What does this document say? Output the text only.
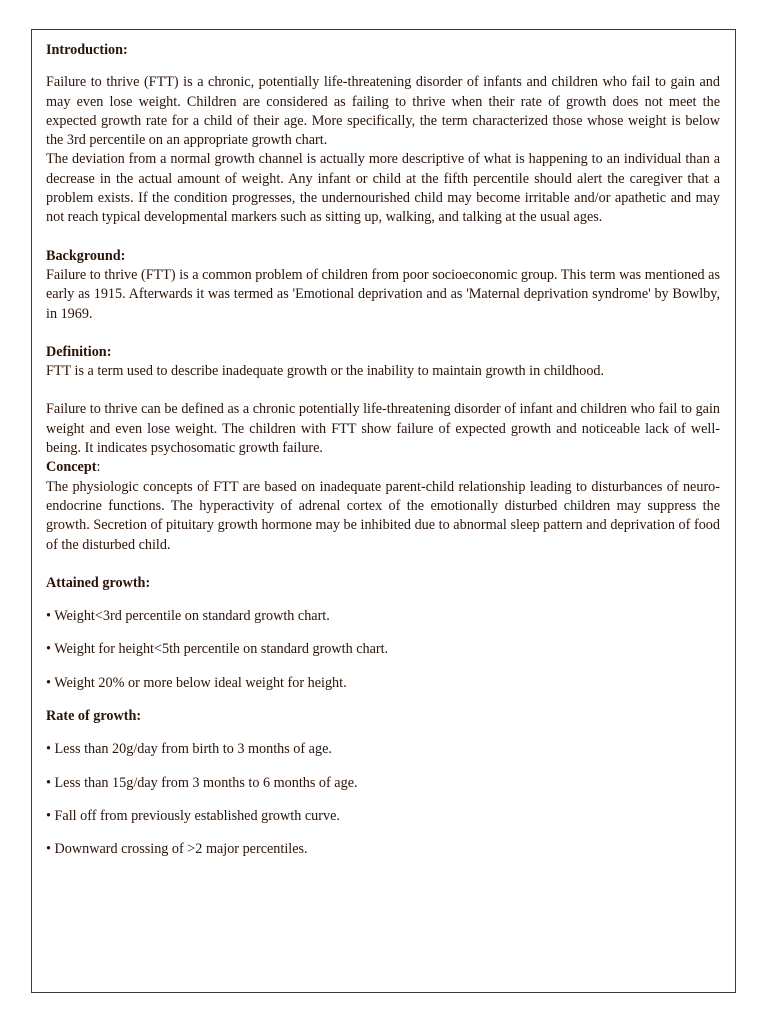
Introduction:

Failure to thrive (FTT) is a chronic, potentially life-threatening disorder of infants and children who fail to gain and may even lose weight. Children are considered as failing to thrive when their rate of growth does not meet the expected growth rate for a child of their age. More specifically, the term characterized those whose weight is below the 3rd percentile on an appropriate growth chart.

The deviation from a normal growth channel is actually more descriptive of what is happening to an individual than a decrease in the actual amount of weight. Any infant or child at the fifth percentile should alert the caregiver that a problem exists. If the condition progresses, the undernourished child may become irritable and/or apathetic and may not reach typical developmental markers such as sitting up, walking, and talking at the usual ages.

Background:

Failure to thrive (FTT) is a common problem of children from poor socioeconomic group. This term was mentioned as early as 1915. Afterwards it was termed as 'Emotional deprivation and as 'Maternal deprivation syndrome' by Bowlby, in 1969.

Definition:

FTT is a term used to describe inadequate growth or the inability to maintain growth in childhood.

Failure to thrive can be defined as a chronic potentially life-threatening disorder of infant and children who fail to gain weight and even lose weight. The children with FTT show failure of expected growth and noticeable lack of well-being. It indicates psychosomatic growth failure.

Concept:

The physiologic concepts of FTT are based on inadequate parent-child relationship leading to disturbances of neuro-endocrine functions. The hyperactivity of adrenal cortex of the emotionally disturbed children may suppress the growth. Secretion of pituitary growth hormone may be inhibited due to abnormal sleep pattern and deprivation of food of the disturbed child.

Attained growth:

• Weight<3rd percentile on standard growth chart.

• Weight for height<5th percentile on standard growth chart.

• Weight 20% or more below ideal weight for height.

Rate of growth:

• Less than 20g/day from birth to 3 months of age.

• Less than 15g/day from 3 months to 6 months of age.

• Fall off from previously established growth curve.

• Downward crossing of >2 major percentiles.
